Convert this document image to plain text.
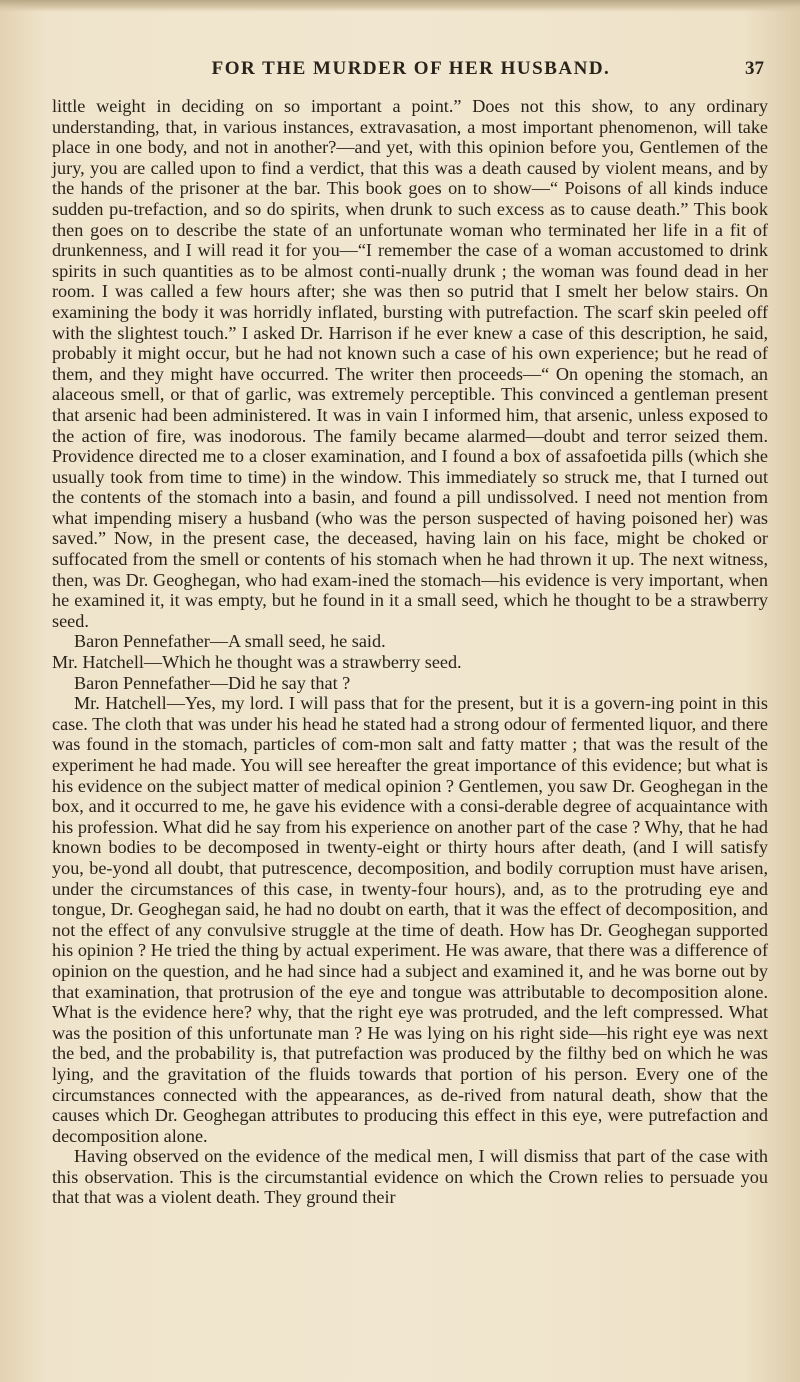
FOR THE MURDER OF HER HUSBAND.	37

little weight in deciding on so important a point.” Does not this show, to any ordinary understanding, that, in various instances, extravasation, a most important phenomenon, will take place in one body, and not in another?—and yet, with this opinion before you, Gentlemen of the jury, you are called upon to find a verdict, that this was a death caused by violent means, and by the hands of the prisoner at the bar. This book goes on to show—“ Poisons of all kinds induce sudden pu-trefaction, and so do spirits, when drunk to such excess as to cause death.” This book then goes on to describe the state of an unfortunate woman who terminated her life in a fit of drunkenness, and I will read it for you—“I remember the case of a woman accustomed to drink spirits in such quantities as to be almost conti-nually drunk ; the woman was found dead in her room. I was called a few hours after; she was then so putrid that I smelt her below stairs. On examining the body it was horridly inflated, bursting with putrefaction. The scarf skin peeled off with the slightest touch.” I asked Dr. Harrison if he ever knew a case of this description, he said, probably it might occur, but he had not known such a case of his own experience; but he read of them, and they might have occurred. The writer then proceeds—“ On opening the stomach, an alaceous smell, or that of garlic, was extremely perceptible. This convinced a gentleman present that arsenic had been administered. It was in vain I informed him, that arsenic, unless exposed to the action of fire, was inodorous. The family became alarmed—doubt and terror seized them. Providence directed me to a closer examination, and I found a box of assafoetida pills (which she usually took from time to time) in the window. This immediately so struck me, that I turned out the contents of the stomach into a basin, and found a pill undissolved. I need not mention from what impending misery a husband (who was the person suspected of having poisoned her) was saved.” Now, in the present case, the deceased, having lain on his face, might be choked or suffocated from the smell or contents of his stomach when he had thrown it up. The next witness, then, was Dr. Geoghegan, who had exam-ined the stomach—his evidence is very important, when he examined it, it was empty, but he found in it a small seed, which he thought to be a strawberry seed.

Baron Pennefather—A small seed, he said.

Mr. Hatchell—Which he thought was a strawberry seed.

Baron Pennefather—Did he say that ?

Mr. Hatchell—Yes, my lord. I will pass that for the present, but it is a govern-ing point in this case. The cloth that was under his head he stated had a strong odour of fermented liquor, and there was found in the stomach, particles of com-mon salt and fatty matter ; that was the result of the experiment he had made. You will see hereafter the great importance of this evidence; but what is his evidence on the subject matter of medical opinion ? Gentlemen, you saw Dr. Geoghegan in the box, and it occurred to me, he gave his evidence with a consi-derable degree of acquaintance with his profession. What did he say from his experience on another part of the case ? Why, that he had known bodies to be decomposed in twenty-eight or thirty hours after death, (and I will satisfy you, be-yond all doubt, that putrescence, decomposition, and bodily corruption must have arisen, under the circumstances of this case, in twenty-four hours), and, as to the protruding eye and tongue, Dr. Geoghegan said, he had no doubt on earth, that it was the effect of decomposition, and not the effect of any convulsive struggle at the time of death. How has Dr. Geoghegan supported his opinion ? He tried the thing by actual experiment. He was aware, that there was a difference of opinion on the question, and he had since had a subject and examined it, and he was borne out by that examination, that protrusion of the eye and tongue was attributable to decomposition alone. What is the evidence here? why, that the right eye was protruded, and the left compressed. What was the position of this unfortunate man ? He was lying on his right side—his right eye was next the bed, and the probability is, that putrefaction was produced by the filthy bed on which he was lying, and the gravitation of the fluids towards that portion of his person. Every one of the circumstances connected with the appearances, as de-rived from natural death, show that the causes which Dr. Geoghegan attributes to producing this effect in this eye, were putrefaction and decomposition alone.

Having observed on the evidence of the medical men, I will dismiss that part of the case with this observation. This is the circumstantial evidence on which the Crown relies to persuade you that that was a violent death. They ground their
